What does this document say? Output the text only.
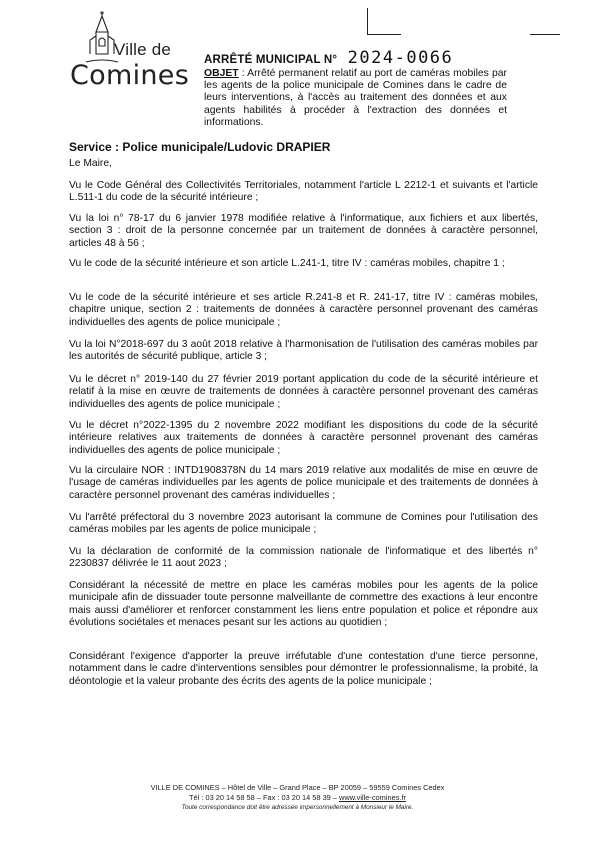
Ville de
Comines ARRÊTÉ MUNICIPAL N° 2024-0066
OBJET : Arrêté permanent relatif au port de caméras mobiles par les agents de la police municipale de Comines dans le cadre de leurs interventions, à l'accès au traitement des données et aux agents habilités à procéder à l'extraction des données et informations.
Service : Police municipale/Ludovic DRAPIER
Le Maire,
Vu le Code Général des Collectivités Territoriales, notamment l'article L 2212-1 et suivants et l'article L.511-1 du code de la sécurité intérieure ;
Vu la loi n° 78-17 du 6 janvier 1978 modifiée relative à l'informatique, aux fichiers et aux libertés, section 3 : droit de la personne concernée par un traitement de données à caractère personnel, articles 48 à 56 ;
Vu le code de la sécurité intérieure et son article L.241-1, titre IV : caméras mobiles, chapitre 1 ;
Vu le code de la sécurité intérieure et ses article R.241-8 et R. 241-17, titre IV : caméras mobiles, chapitre unique, section 2 : traitements de données à caractère personnel provenant des caméras individuelles des agents de police municipale ;
Vu la loi N°2018-697 du 3 août 2018 relative à l'harmonisation de l'utilisation des caméras mobiles par les autorités de sécurité publique, article 3 ;
Vu le décret n° 2019-140 du 27 février 2019 portant application du code de la sécurité intérieure et relatif à la mise en œuvre de traitements de données à caractère personnel provenant des caméras individuelles des agents de police municipale ;
Vu le décret n°2022-1395 du 2 novembre 2022 modifiant les dispositions du code de la sécurité intérieure relatives aux traitements de données à caractère personnel provenant des caméras individuelles des agents de police municipale ;
Vu la circulaire NOR : INTD1908378N du 14 mars 2019 relative aux modalités de mise en œuvre de l'usage de caméras individuelles par les agents de police municipale et des traitements de données à caractère personnel provenant des caméras individuelles ;
Vu l'arrêté préfectoral du 3 novembre 2023 autorisant la commune de Comines pour l'utilisation des caméras mobiles par les agents de police municipale ;
Vu la déclaration de conformité de la commission nationale de l'informatique et des libertés n° 2230837 délivrée le 11 aout 2023 ;
Considérant la nécessité de mettre en place les caméras mobiles pour les agents de la police municipale afin de dissuader toute personne malveillante de commettre des exactions à leur encontre mais aussi d'améliorer et renforcer constamment les liens entre population et police et répondre aux évolutions sociétales et menaces pesant sur les actions au quotidien ;
Considérant l'exigence d'apporter la preuve irréfutable d'une contestation d'une tierce personne, notamment dans le cadre d'interventions sensibles pour démontrer le professionnalisme, la probité, la déontologie et la valeur probante des écrits des agents de la police municipale ;
VILLE DE COMINES – Hôtel de Ville – Grand Place – BP 20059 – 59559 Comines Cedex
Tél : 03 20 14 58 58 – Fax : 03 20 14 58 39 – www.ville-comines.fr
Toute correspondance doit être adressée impersonnellement à Monsieur le Maire.
